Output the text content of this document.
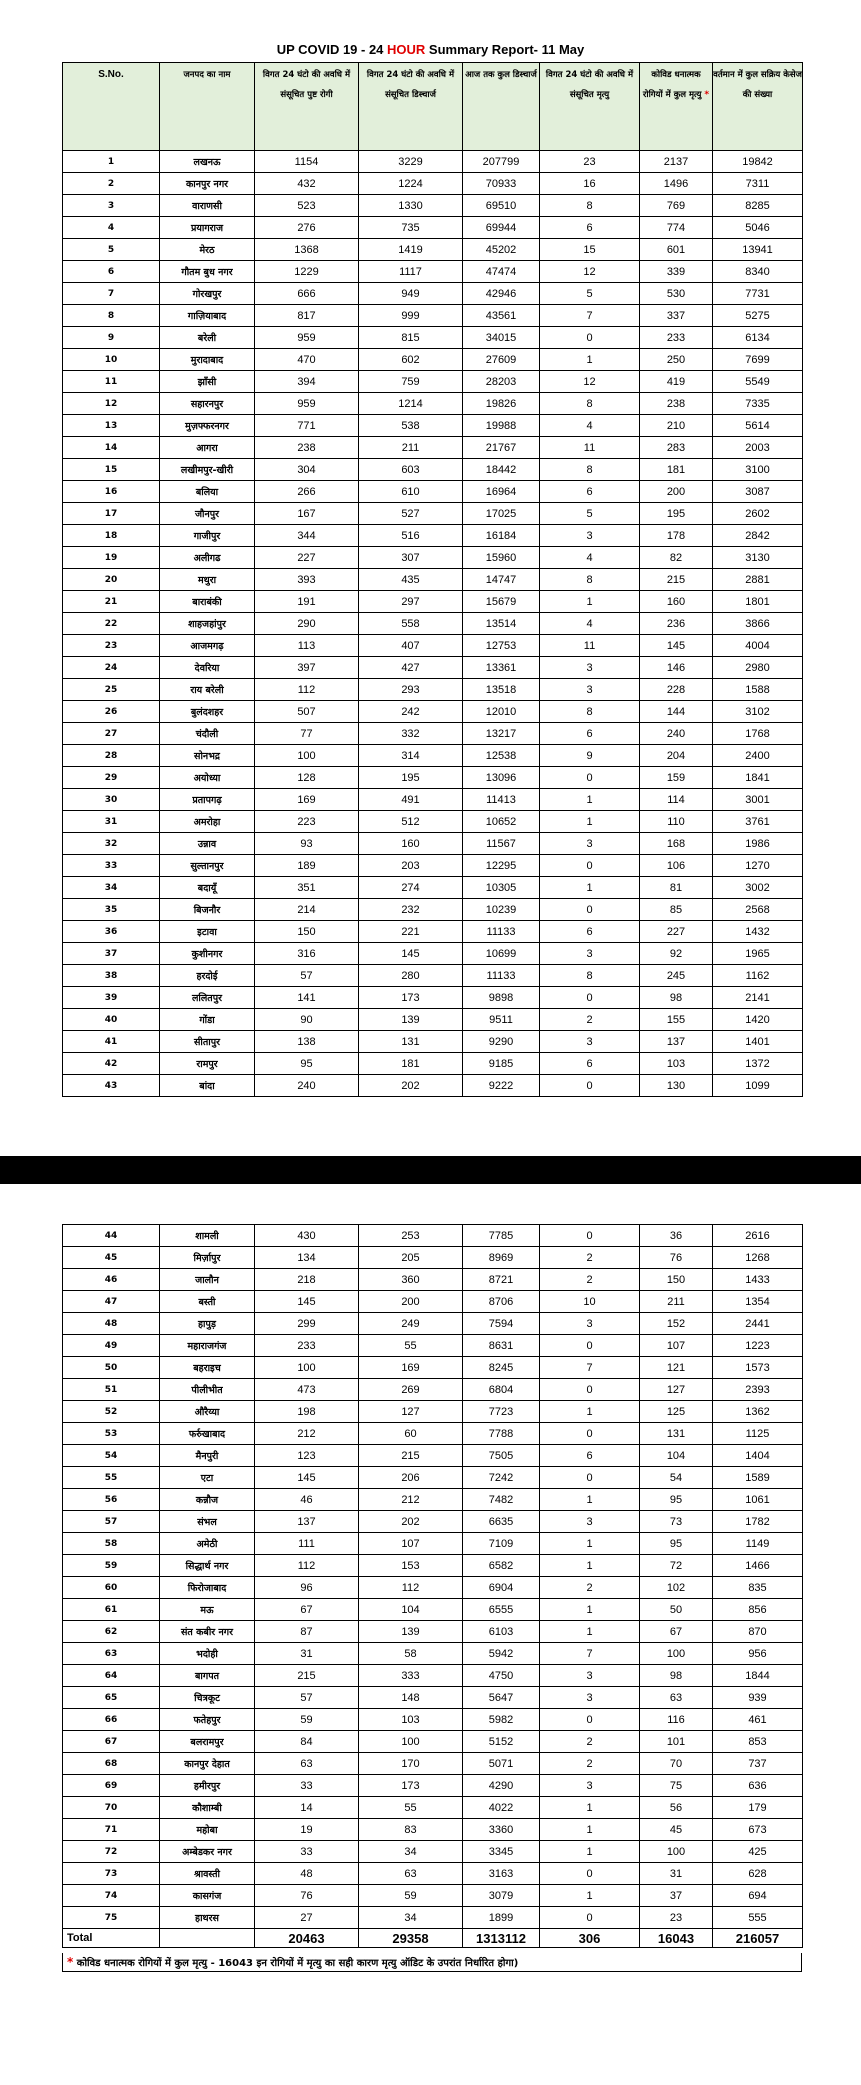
UP COVID 19 - 24 HOUR Summary Report- 11 May
S.No.	जनपद का नाम	विगत 24 घंटो की अवधि में संसूचित पुष्ट रोगी	विगत 24 घंटो की अवधि में संसूचित डिस्चार्ज	आज तक कुल डिस्चार्ज	विगत 24 घंटो की अवधि में संसूचित मृत्यु	कोविड धनात्मक रोगियों में कुल मृत्यु *	वर्तमान में कुल सक्रिय केसेज की संख्या
1	लखनऊ	1154	3229	207799	23	2137	19842
2	कानपुर नगर	432	1224	70933	16	1496	7311
3	वाराणसी	523	1330	69510	8	769	8285
4	प्रयागराज	276	735	69944	6	774	5046
5	मेरठ	1368	1419	45202	15	601	13941
6	गौतम बुध नगर	1229	1117	47474	12	339	8340
7	गोरखपुर	666	949	42946	5	530	7731
8	गाज़ियाबाद	817	999	43561	7	337	5275
9	बरेली	959	815	34015	0	233	6134
10	मुरादाबाद	470	602	27609	1	250	7699
11	झाँसी	394	759	28203	12	419	5549
12	सहारनपुर	959	1214	19826	8	238	7335
13	मुज़फ्फरनगर	771	538	19988	4	210	5614
14	आगरा	238	211	21767	11	283	2003
15	लखीमपुर-खीरी	304	603	18442	8	181	3100
16	बलिया	266	610	16964	6	200	3087
17	जौनपुर	167	527	17025	5	195	2602
18	गाजीपुर	344	516	16184	3	178	2842
19	अलीगढ	227	307	15960	4	82	3130
20	मथुरा	393	435	14747	8	215	2881
21	बाराबंकी	191	297	15679	1	160	1801
22	शाहजहांपुर	290	558	13514	4	236	3866
23	आजमगढ़	113	407	12753	11	145	4004
24	देवरिया	397	427	13361	3	146	2980
25	राय बरेली	112	293	13518	3	228	1588
26	बुलंदशहर	507	242	12010	8	144	3102
27	चंदौली	77	332	13217	6	240	1768
28	सोनभद्र	100	314	12538	9	204	2400
29	अयोध्या	128	195	13096	0	159	1841
30	प्रतापगढ़	169	491	11413	1	114	3001
31	अमरोहा	223	512	10652	1	110	3761
32	उन्नाव	93	160	11567	3	168	1986
33	सुल्तानपुर	189	203	12295	0	106	1270
34	बदायूँ	351	274	10305	1	81	3002
35	बिजनौर	214	232	10239	0	85	2568
36	इटावा	150	221	11133	6	227	1432
37	कुशीनगर	316	145	10699	3	92	1965
38	हरदोई	57	280	11133	8	245	1162
39	ललितपुर	141	173	9898	0	98	2141
40	गोंडा	90	139	9511	2	155	1420
41	सीतापुर	138	131	9290	3	137	1401
42	रामपुर	95	181	9185	6	103	1372
43	बांदा	240	202	9222	0	130	1099
44	शामली	430	253	7785	0	36	2616
45	मिर्ज़ापुर	134	205	8969	2	76	1268
46	जालौन	218	360	8721	2	150	1433
47	बस्ती	145	200	8706	10	211	1354
48	हापुड़	299	249	7594	3	152	2441
49	महाराजगंज	233	55	8631	0	107	1223
50	बहराइच	100	169	8245	7	121	1573
51	पीलीभीत	473	269	6804	0	127	2393
52	औरैय्या	198	127	7723	1	125	1362
53	फर्रुखाबाद	212	60	7788	0	131	1125
54	मैनपुरी	123	215	7505	6	104	1404
55	एटा	145	206	7242	0	54	1589
56	कन्नौज	46	212	7482	1	95	1061
57	संभल	137	202	6635	3	73	1782
58	अमेठी	111	107	7109	1	95	1149
59	सिद्धार्थ नगर	112	153	6582	1	72	1466
60	फिरोजाबाद	96	112	6904	2	102	835
61	मऊ	67	104	6555	1	50	856
62	संत कबीर नगर	87	139	6103	1	67	870
63	भदोही	31	58	5942	7	100	956
64	बागपत	215	333	4750	3	98	1844
65	चित्रकूट	57	148	5647	3	63	939
66	फतेहपुर	59	103	5982	0	116	461
67	बलरामपुर	84	100	5152	2	101	853
68	कानपुर देहात	63	170	5071	2	70	737
69	हमीरपुर	33	173	4290	3	75	636
70	कौशाम्बी	14	55	4022	1	56	179
71	महोबा	19	83	3360	1	45	673
72	अम्बेडकर नगर	33	34	3345	1	100	425
73	श्रावस्ती	48	63	3163	0	31	628
74	कासगंज	76	59	3079	1	37	694
75	हाथरस	27	34	1899	0	23	555
Total		20463	29358	1313112	306	16043	216057
* कोविड धनात्मक रोगियों में कुल मृत्यु - 16043 इन रोगियों में मृत्यु का सही कारण मृत्यु ऑडिट के उपरांत निर्धारित होगा)
